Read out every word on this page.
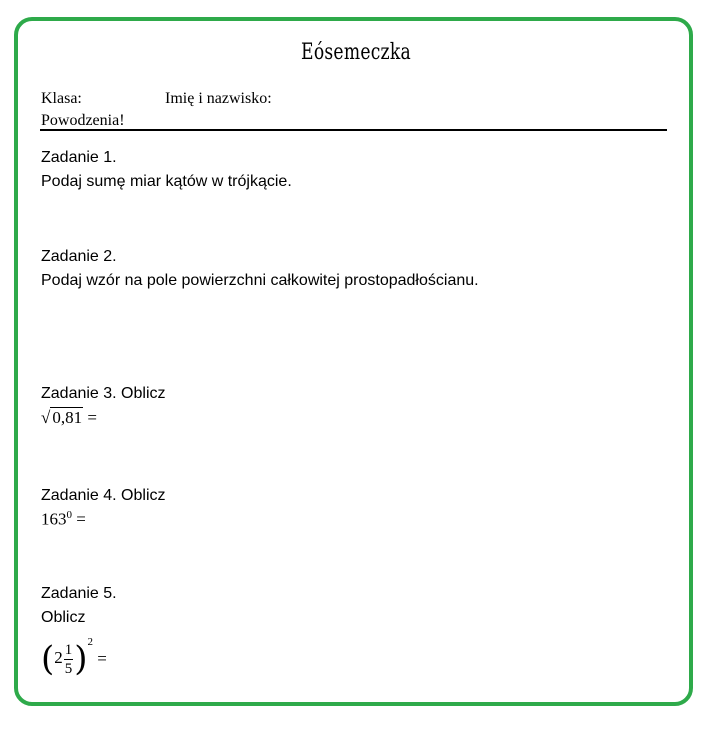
Eósemeczka
Klasa:	Imię i nazwisko:
Powodzenia!
Zadanie 1.
Podaj sumę miar kątów w trójkącie.
Zadanie 2.
Podaj wzór na pole powierzchni całkowitej prostopadłościanu.
Zadanie 3. Oblicz
√ 0,81 =
Zadanie 4. Oblicz
$163^0$ =
Zadanie 5.
Oblicz
$(2 \frac{1}{5} )^2$ =
